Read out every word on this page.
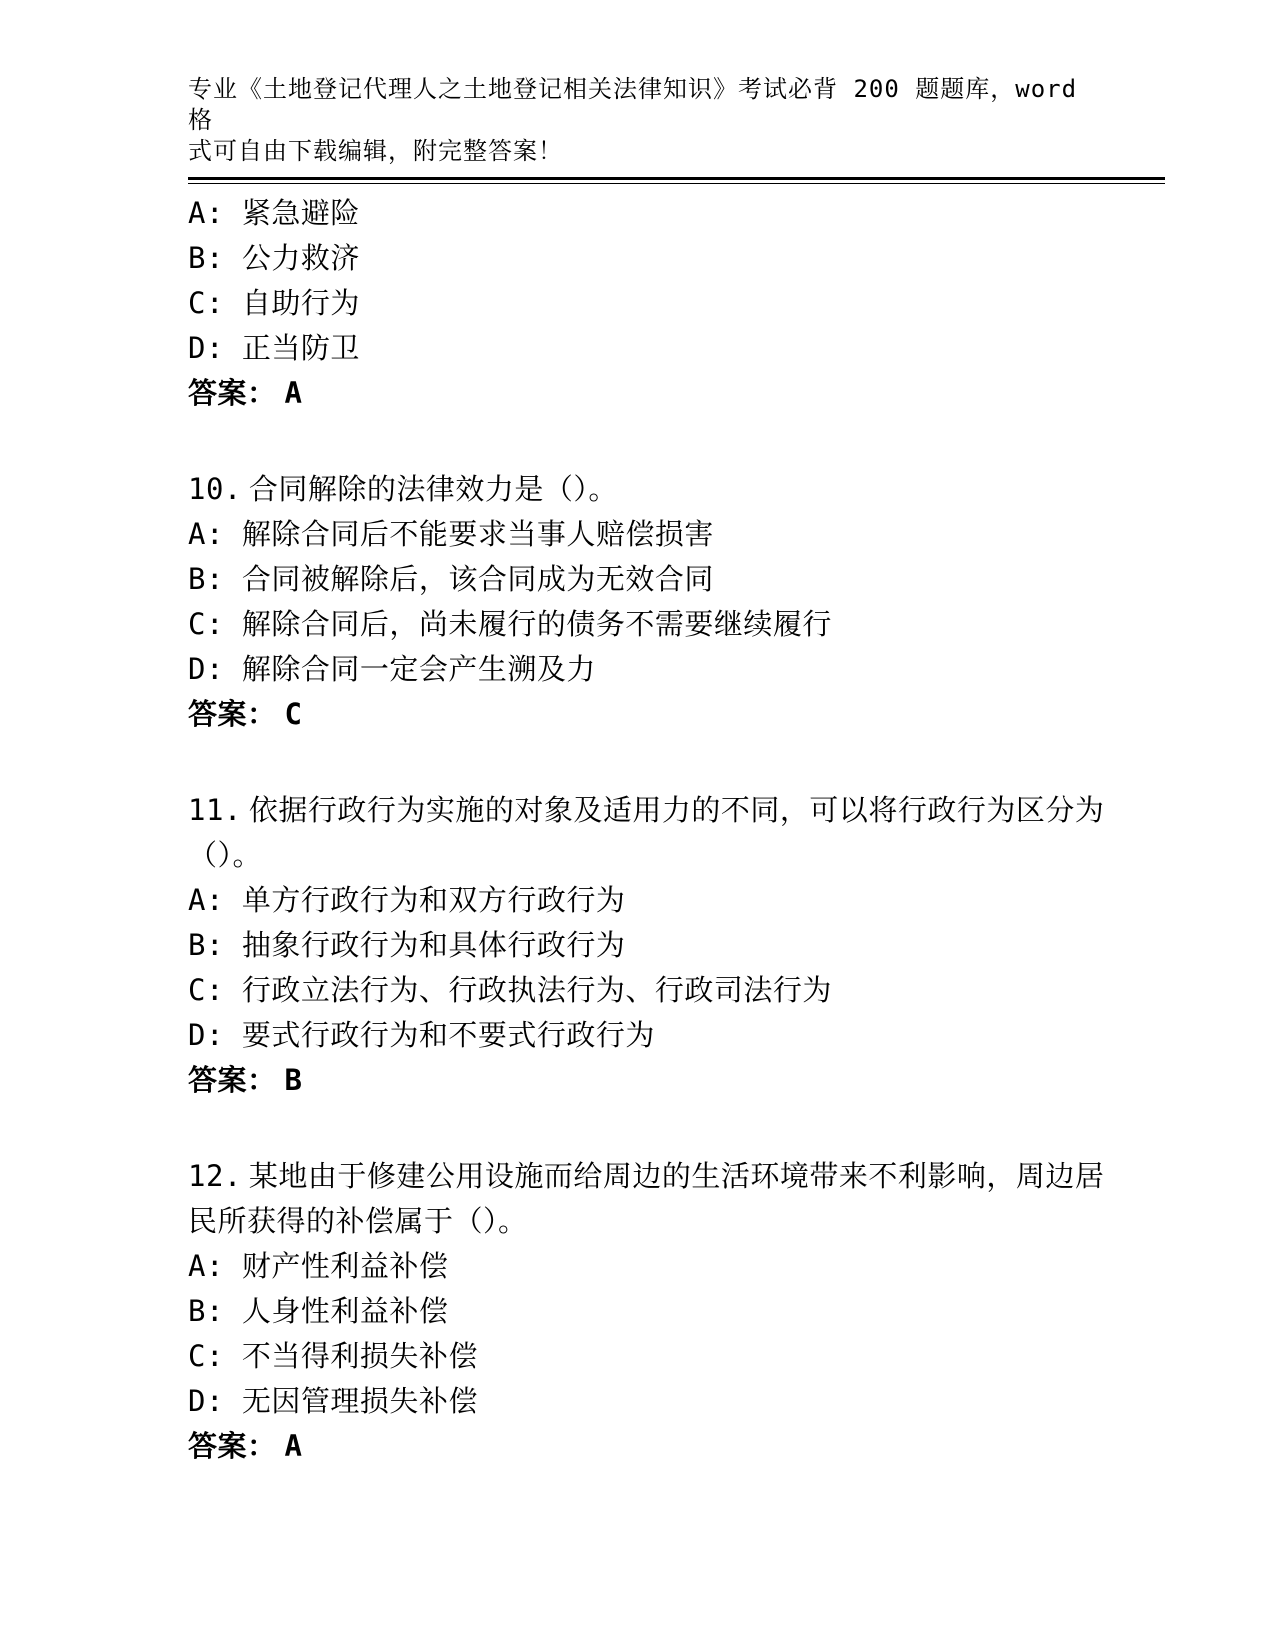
专业《土地登记代理人之土地登记相关法律知识》考试必背 200 题题库，word 格
式可自由下载编辑，附完整答案！
A: 紧急避险
B: 公力救济
C: 自助行为
D: 正当防卫
答案： A
10. 合同解除的法律效力是（）。
A: 解除合同后不能要求当事人赔偿损害
B: 合同被解除后，该合同成为无效合同
C: 解除合同后，尚未履行的债务不需要继续履行
D: 解除合同一定会产生溯及力
答案： C
11. 依据行政行为实施的对象及适用力的不同，可以将行政行为区分为
（）。
A: 单方行政行为和双方行政行为
B: 抽象行政行为和具体行政行为
C: 行政立法行为、行政执法行为、行政司法行为
D: 要式行政行为和不要式行政行为
答案： B
12. 某地由于修建公用设施而给周边的生活环境带来不利影响，周边居
民所获得的补偿属于（）。
A: 财产性利益补偿
B: 人身性利益补偿
C: 不当得利损失补偿
D: 无因管理损失补偿
答案： A
